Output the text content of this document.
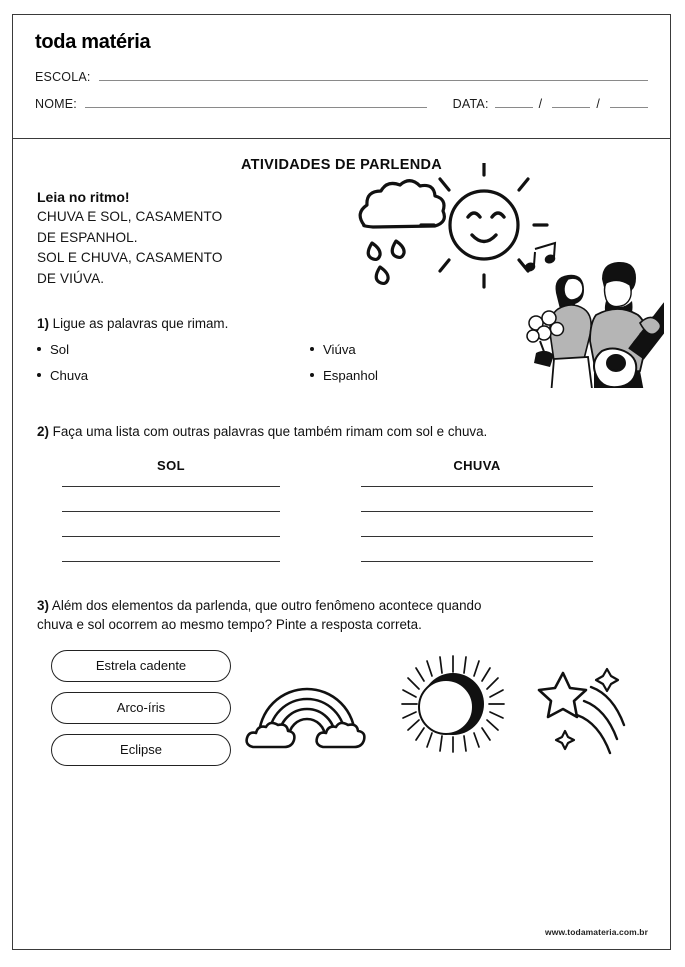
toda matéria
ESCOLA:
NOME:	DATA:	/	/
ATIVIDADES DE PARLENDA
Leia no ritmo!
CHUVA E SOL, CASAMENTO
DE ESPANHOL.
SOL E CHUVA, CASAMENTO
DE VIÚVA.

1) Ligue as palavras que rimam.

Sol
Chuva
Viúva
Espanhol

2) Faça uma lista com outras palavras que também rimam com sol e chuva.

SOL	CHUVA

3) Além dos elementos da parlenda, que outro fenômeno acontece quando
chuva e sol ocorrem ao mesmo tempo? Pinte a resposta correta.

Estrela cadente
Arco-íris
Eclipse
www.todamateria.com.br
